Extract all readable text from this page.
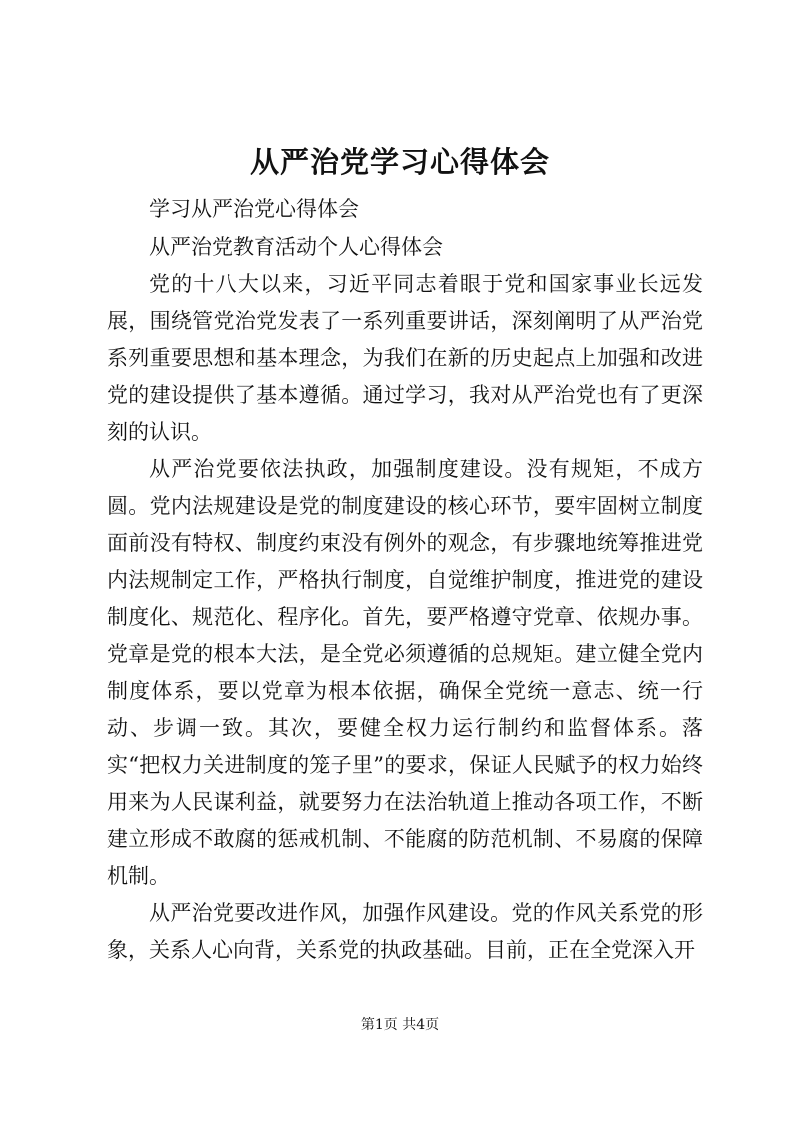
从严治党学习心得体会

学习从严治党心得体会

从严治党教育活动个人心得体会

党的十八大以来，习近平同志着眼于党和国家事业长远发展，围绕管党治党发表了一系列重要讲话，深刻阐明了从严治党系列重要思想和基本理念，为我们在新的历史起点上加强和改进党的建设提供了基本遵循。通过学习，我对从严治党也有了更深刻的认识。

从严治党要依法执政，加强制度建设。没有规矩，不成方圆。党内法规建设是党的制度建设的核心环节，要牢固树立制度面前没有特权、制度约束没有例外的观念，有步骤地统筹推进党内法规制定工作，严格执行制度，自觉维护制度，推进党的建设制度化、规范化、程序化。首先，要严格遵守党章、依规办事。党章是党的根本大法，是全党必须遵循的总规矩。建立健全党内制度体系，要以党章为根本依据，确保全党统一意志、统一行动、步调一致。其次，要健全权力运行制约和监督体系。落实“把权力关进制度的笼子里”的要求，保证人民赋予的权力始终用来为人民谋利益，就要努力在法治轨道上推动各项工作，不断建立形成不敢腐的惩戒机制、不能腐的防范机制、不易腐的保障机制。

从严治党要改进作风，加强作风建设。党的作风关系党的形象，关系人心向背，关系党的执政基础。目前，正在全党深入开

第1页 共4页
